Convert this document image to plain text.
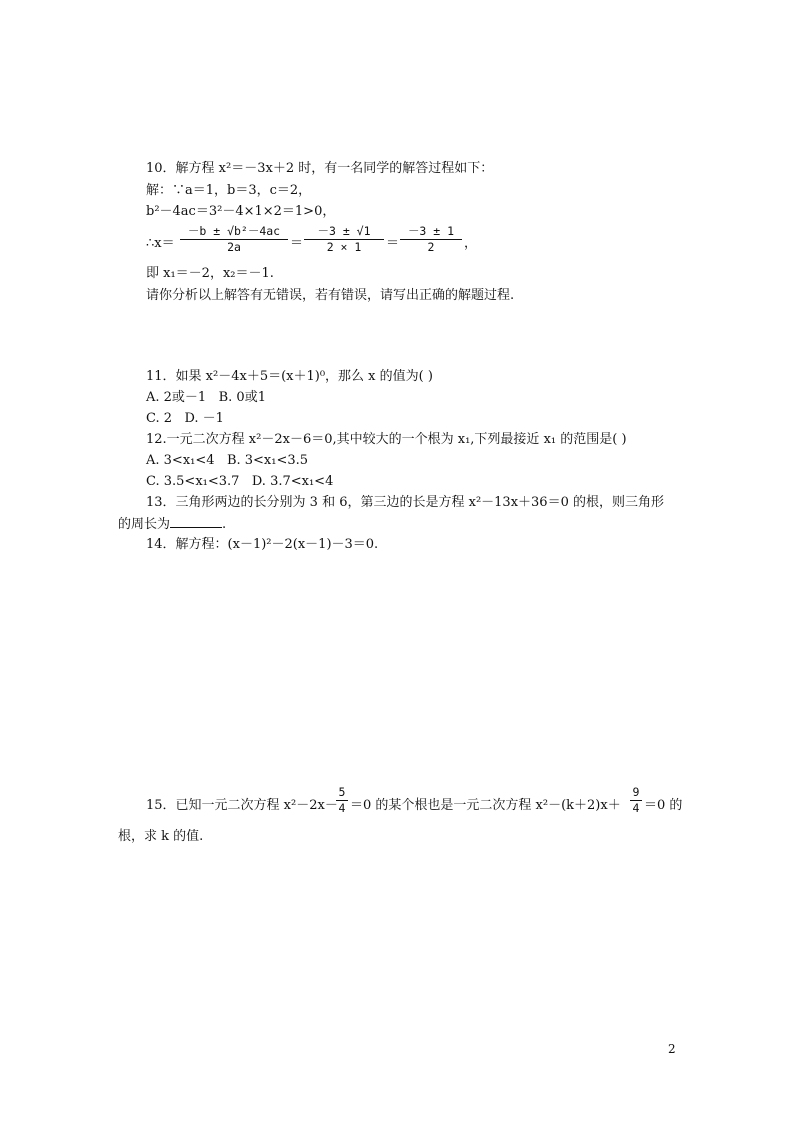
10．解方程 x²＝－3x＋2 时，有一名同学的解答过程如下：
解：∵a＝1，b＝3，c＝2，
b²－4ac＝3²－4×1×2＝1>0，
∴x＝ $\frac{\text{－b ± √b²－4ac}}{2a} = \frac{-3 \pm √1}{2 \times 1} = \frac{-3 \pm 1}{2}$ ，
即 x₁＝－2，x₂＝－1.
请你分析以上解答有无错误，若有错误，请写出正确的解题过程.
11．如果 x²－4x＋5＝(x＋1)⁰，那么 x 的值为( )
A. 2或－1 B. 0或1
C. 2 D. －1
12.一元二次方程 x²－2x－6＝0,其中较大的一个根为 x₁,下列最接近 x₁ 的范围是( )
A. 3<x₁<4 B. 3<x₁<3.5
C. 3.5<x₁<3.7 D. 3.7<x₁<4
13．三角形两边的长分别为 3 和 6，第三边的长是方程 x²－13x＋36＝0 的根，则三角形
的周长为	.
14．解方程：(x－1)²－2(x－1)－3＝0.
15．已知一元二次方程 x²－2x－
$\frac{5}{4} =0$ 的某个根也是一元二次方程 $x^2-(k+2)x+ \frac{9}{4} =0$ 的
根，求 k 的值.
2
